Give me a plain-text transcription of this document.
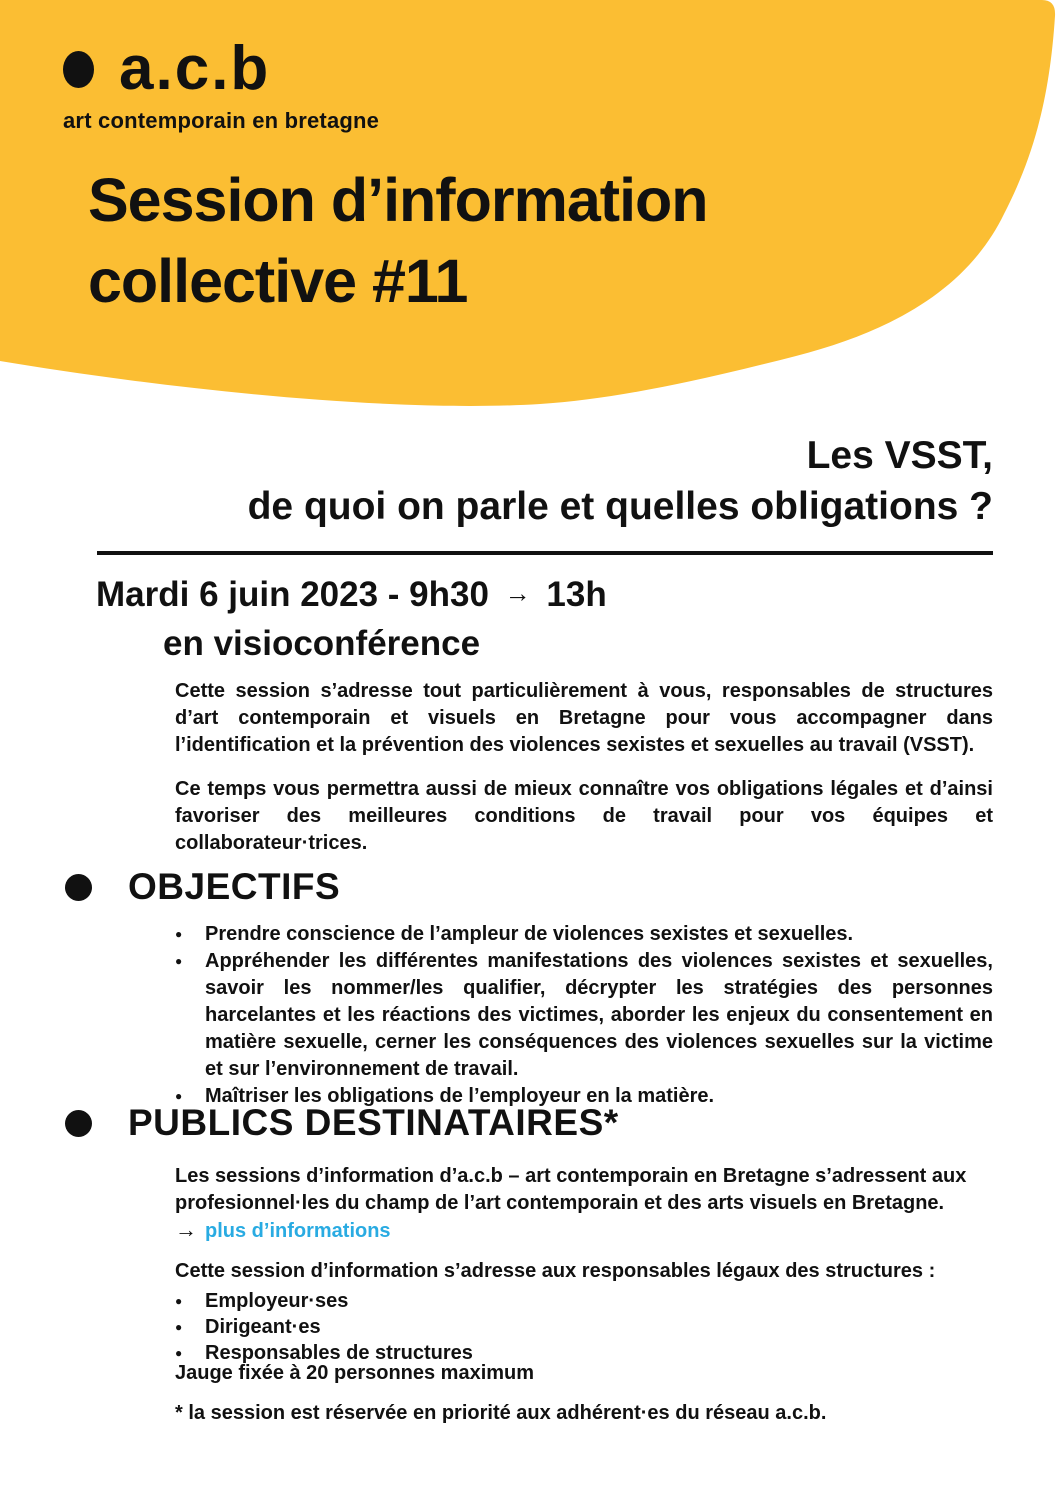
a.c.b
art contemporain en bretagne
Session d’information
collective #11
Les VSST,
de quoi on parle et quelles obligations ?
Mardi 6 juin 2023 - 9h30 → 13h
en visioconférence

Cette session s’adresse tout particulièrement à vous, responsables de structures d’art contemporain et visuels en Bretagne pour vous accompagner dans l’identification et la prévention des violences sexistes et sexuelles au travail (VSST).

Ce temps vous permettra aussi de mieux connaître vos obligations légales et d’ainsi favoriser des meilleures conditions de travail pour vos équipes et collaborateur·trices.

OBJECTIFS
●	Prendre conscience de l’ampleur de violences sexistes et sexuelles.
●	Appréhender les différentes manifestations des violences sexistes et sexuelles, savoir les nommer/les qualifier, décrypter les stratégies des personnes harcelantes et les réactions des victimes, aborder les enjeux du consentement en matière sexuelle, cerner les conséquences des violences sexuelles sur la victime et sur l’environnement de travail.
●	Maîtriser les obligations de l’employeur en la matière.
PUBLICS DESTINATAIRES*

Les sessions d’information d’a.c.b – art contemporain en Bretagne s’adressent aux profesionnel·les du champ de l’art contemporain et des arts visuels en Bretagne.

→ plus d’informations

Cette session d’information s’adresse aux responsables légaux des structures :

●	Employeur·ses
●	Dirigeant·es
●	Responsables de structures

Jauge fixée à 20 personnes maximum

* la session est réservée en priorité aux adhérent·es du réseau a.c.b.
